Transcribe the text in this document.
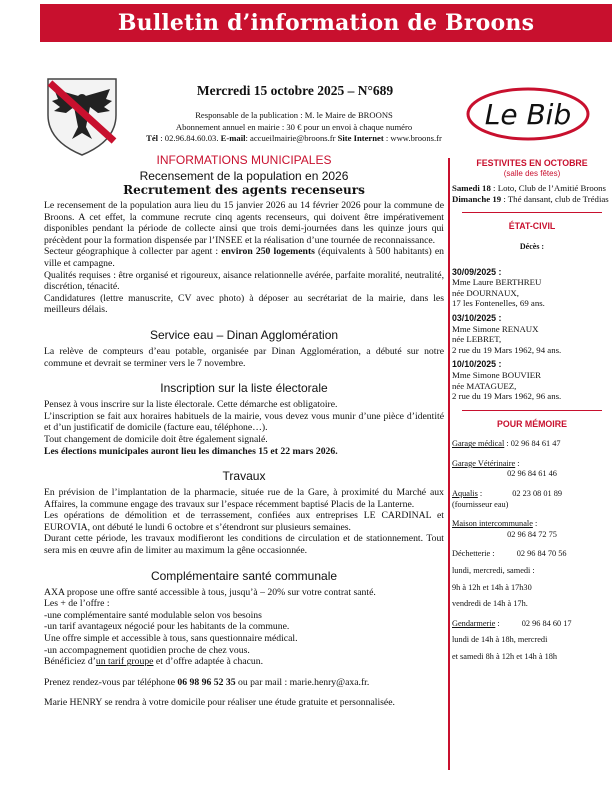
Bulletin d’information de Broons
Le Bib
Mercredi 15 octobre 2025 – N°689
Responsable de la publication : M. le Maire de BROONS
Abonnement annuel en mairie : 30 € pour un envoi à chaque numéro
Tél : 02.96.84.60.03. E-mail: accueilmairie@broons.fr Site Internet : www.broons.fr
INFORMATIONS MUNICIPALES
Recensement de la population en 2026
Recrutement des agents recenseurs

Le recensement de la population aura lieu du 15 janvier 2026 au 14 février 2026 pour la commune de Broons. A cet effet, la commune recrute cinq agents recenseurs, qui doivent être impérativement disponibles pendant la période de collecte ainsi que trois demi-journées dans les quinze jours qui précèdent pour la formation dispensée par l’INSEE et la réalisation d’une tournée de reconnaissance.

Secteur géographique à collecter par agent : environ 250 logements (équivalents à 500 habitants) en ville et campagne.

Qualités requises : être organisé et rigoureux, aisance relationnelle avérée, parfaite moralité, neutralité, discrétion, ténacité.

Candidatures (lettre manuscrite, CV avec photo) à déposer au secrétariat de la mairie, dans les meilleurs délais.

Service eau – Dinan Agglomération

La relève de compteurs d’eau potable, organisée par Dinan Agglomération, a débuté sur notre commune et devrait se terminer vers le 7 novembre.

Inscription sur la liste électorale

Pensez à vous inscrire sur la liste électorale. Cette démarche est obligatoire.

L’inscription se fait aux horaires habituels de la mairie, vous devez vous munir d’une pièce d’identité et d’un justificatif de domicile (facture eau, téléphone…).

Tout changement de domicile doit être également signalé.

Les élections municipales auront lieu les dimanches 15 et 22 mars 2026.

Travaux

En prévision de l’implantation de la pharmacie, située rue de la Gare, à proximité du Marché aux Affaires, la commune engage des travaux sur l’espace récemment baptisé Placis de la Lanterne.

Les opérations de démolition et de terrassement, confiées aux entreprises LE CARDINAL et EUROVIA, ont débuté le lundi 6 octobre et s’étendront sur plusieurs semaines.

Durant cette période, les travaux modifieront les conditions de circulation et de stationnement. Tout sera mis en œuvre afin de limiter au maximum la gêne occasionnée.

Complémentaire santé communale

AXA propose une offre santé accessible à tous, jusqu’à – 20% sur votre contrat santé.

Les + de l’offre :

-une complémentaire santé modulable selon vos besoins

-un tarif avantageux négocié pour les habitants de la commune.

Une offre simple et accessible à tous, sans questionnaire médical.

-un accompagnement quotidien proche de chez vous.

Bénéficiez d’un tarif groupe et d’offre adaptée à chacun.

Prenez rendez-vous par téléphone 06 98 96 52 35 ou par mail : marie.henry@axa.fr.

Marie HENRY se rendra à votre domicile pour réaliser une étude gratuite et personnalisée.

FESTIVITES EN OCTOBRE
(salle des fêtes)
Samedi 18 : Loto, Club de l’Amitié Broons
Dimanche 19 : Thé dansant, club de Trédias
ÉTAT-CIVIL
Décès :
30/09/2025 :
Mme Laure BERTHREU
née DOURNAUX,
17 les Fontenelles, 69 ans.
03/10/2025 :
Mme Simone RENAUX
née LEBRET,
2 rue du 19 Mars 1962, 94 ans.
10/10/2025 :
Mme Simone BOUVIER
née MATAGUEZ,
2 rue du 19 Mars 1962, 96 ans.
POUR MÉMOIRE
Garage médical : 02 96 84 61 47
Garage Vétérinaire :
02 96 84 61 46
Aqualis :	02 23 08 01 89
(fournisseur eau)
Maison intercommunale :
02 96 84 72 75
Déchetterie :	02 96 84 70 56
lundi, mercredi, samedi :
9h à 12h et 14h à 17h30
vendredi de 14h à 17h.
Gendarmerie :	02 96 84 60 17
lundi de 14h à 18h, mercredi
et samedi 8h à 12h et 14h à 18h
